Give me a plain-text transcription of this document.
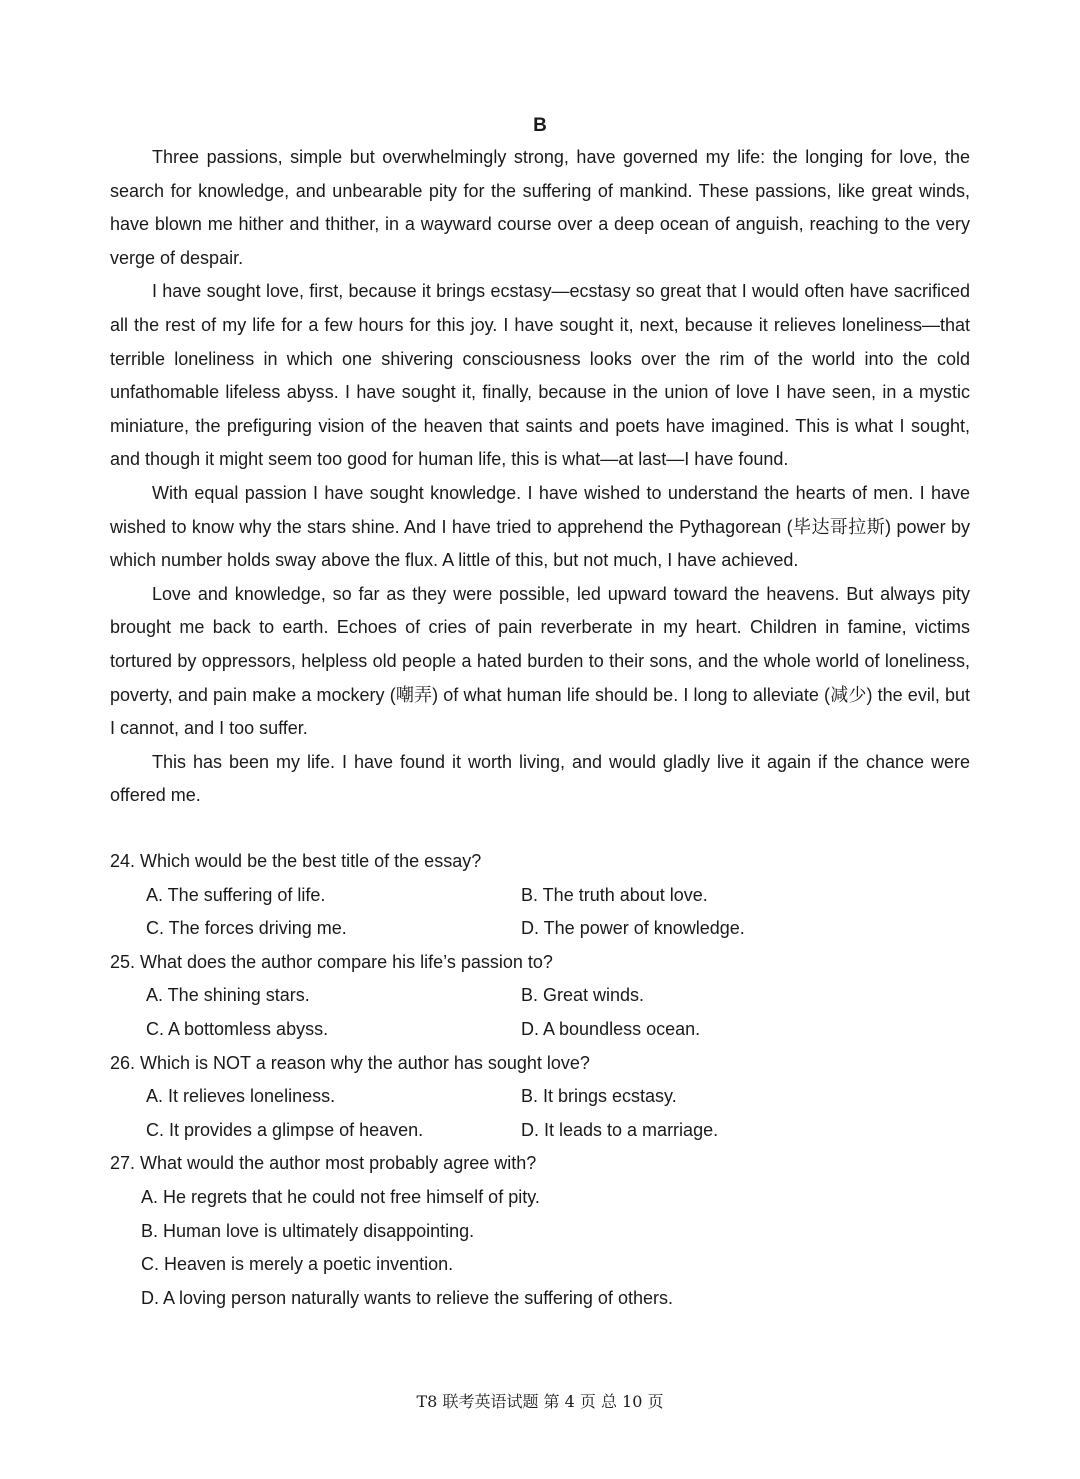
B

Three passions, simple but overwhelmingly strong, have governed my life: the longing for love, the search for knowledge, and unbearable pity for the suffering of mankind. These passions, like great winds, have blown me hither and thither, in a wayward course over a deep ocean of anguish, reaching to the very verge of despair.

I have sought love, first, because it brings ecstasy—ecstasy so great that I would often have sacrificed all the rest of my life for a few hours for this joy. I have sought it, next, because it relieves loneliness—that terrible loneliness in which one shivering consciousness looks over the rim of the world into the cold unfathomable lifeless abyss. I have sought it, finally, because in the union of love I have seen, in a mystic miniature, the prefiguring vision of the heaven that saints and poets have imagined. This is what I sought, and though it might seem too good for human life, this is what—at last—I have found.

With equal passion I have sought knowledge. I have wished to understand the hearts of men. I have wished to know why the stars shine. And I have tried to apprehend the Pythagorean (毕达哥拉斯) power by which number holds sway above the flux. A little of this, but not much, I have achieved.

Love and knowledge, so far as they were possible, led upward toward the heavens. But always pity brought me back to earth. Echoes of cries of pain reverberate in my heart. Children in famine, victims tortured by oppressors, helpless old people a hated burden to their sons, and the whole world of loneliness, poverty, and pain make a mockery (嘲弄) of what human life should be. I long to alleviate (减少) the evil, but I cannot, and I too suffer.

This has been my life. I have found it worth living, and would gladly live it again if the chance were offered me.

24. Which would be the best title of the essay?

A. The suffering of life.	B. The truth about love.
C. The forces driving me.	D. The power of knowledge.

25. What does the author compare his life’s passion to?

A. The shining stars.	B. Great winds.
C. A bottomless abyss.	D. A boundless ocean.

26. Which is NOT a reason why the author has sought love?

A. It relieves loneliness.	B. It brings ecstasy.
C. It provides a glimpse of heaven.	D. It leads to a marriage.

27. What would the author most probably agree with?

A. He regrets that he could not free himself of pity.
B. Human love is ultimately disappointing.
C. Heaven is merely a poetic invention.
D. A loving person naturally wants to relieve the suffering of others.
T8 联考英语试题 第 4 页 总 10 页
